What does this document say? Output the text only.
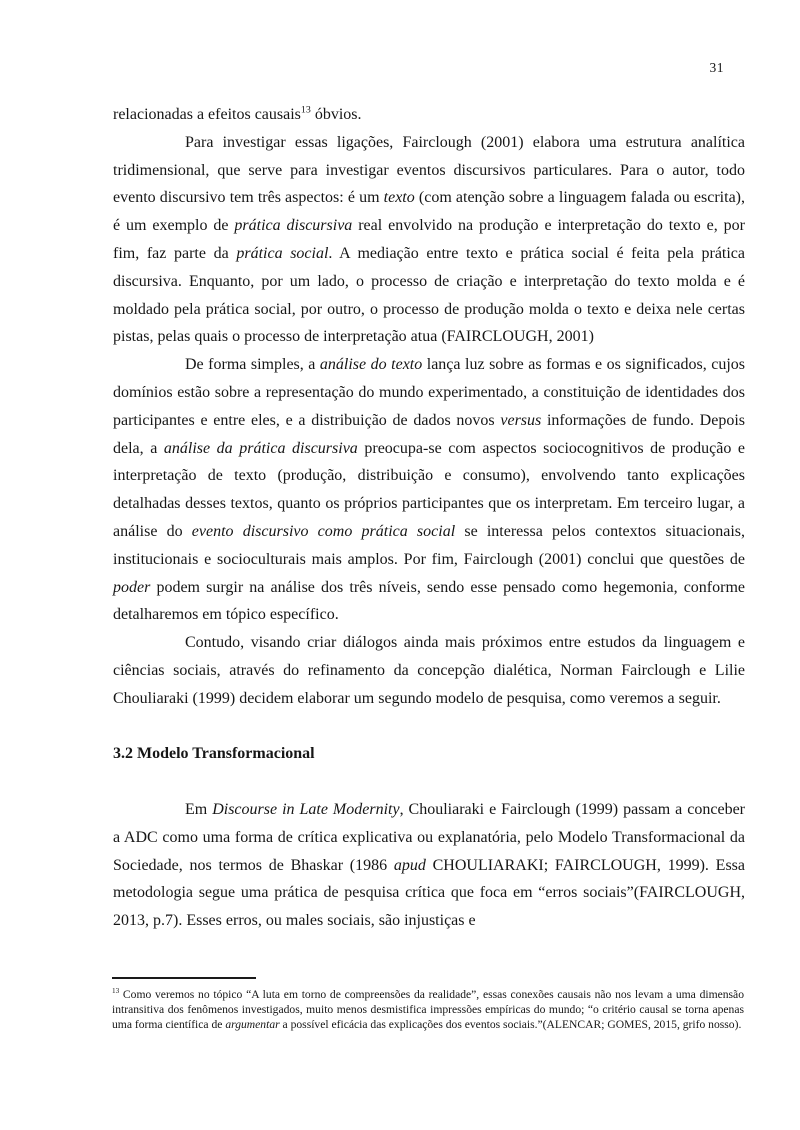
31

relacionadas a efeitos causais$^{13}$ óbvios.

Para investigar essas ligações, Fairclough (2001) elabora uma estrutura analítica tridimensional, que serve para investigar eventos discursivos particulares. Para o autor, todo evento discursivo tem três aspectos: é um texto (com atenção sobre a linguagem falada ou escrita), é um exemplo de prática discursiva real envolvido na produção e interpretação do texto e, por fim, faz parte da prática social. A mediação entre texto e prática social é feita pela prática discursiva. Enquanto, por um lado, o processo de criação e interpretação do texto molda e é moldado pela prática social, por outro, o processo de produção molda o texto e deixa nele certas pistas, pelas quais o processo de interpretação atua (FAIRCLOUGH, 2001)

De forma simples, a análise do texto lança luz sobre as formas e os significados, cujos domínios estão sobre a representação do mundo experimentado, a constituição de identidades dos participantes e entre eles, e a distribuição de dados novos versus informações de fundo. Depois dela, a análise da prática discursiva preocupa-se com aspectos sociocognitivos de produção e interpretação de texto (produção, distribuição e consumo), envolvendo tanto explicações detalhadas desses textos, quanto os próprios participantes que os interpretam. Em terceiro lugar, a análise do evento discursivo como prática social se interessa pelos contextos situacionais, institucionais e socioculturais mais amplos. Por fim, Fairclough (2001) conclui que questões de poder podem surgir na análise dos três níveis, sendo esse pensado como hegemonia, conforme detalharemos em tópico específico.

Contudo, visando criar diálogos ainda mais próximos entre estudos da linguagem e ciências sociais, através do refinamento da concepção dialética, Norman Fairclough e Lilie Chouliaraki (1999) decidem elaborar um segundo modelo de pesquisa, como veremos a seguir.

3.2 Modelo Transformacional

Em Discourse in Late Modernity, Chouliaraki e Fairclough (1999) passam a conceber a ADC como uma forma de crítica explicativa ou explanatória, pelo Modelo Transformacional da Sociedade, nos termos de Bhaskar (1986 apud CHOULIARAKI; FAIRCLOUGH, 1999). Essa metodologia segue uma prática de pesquisa crítica que foca em “erros sociais”(FAIRCLOUGH, 2013, p.7). Esses erros, ou males sociais, são injustiças e

$^{13}$ Como veremos no tópico “A luta em torno de compreensões da realidade”, essas conexões causais não nos levam a uma dimensão intransitiva dos fenômenos investigados, muito menos desmistifica impressões empíricas do mundo; “o critério causal se torna apenas uma forma científica de argumentar a possível eficácia das explicações dos eventos sociais.”(ALENCAR; GOMES, 2015, grifo nosso).
